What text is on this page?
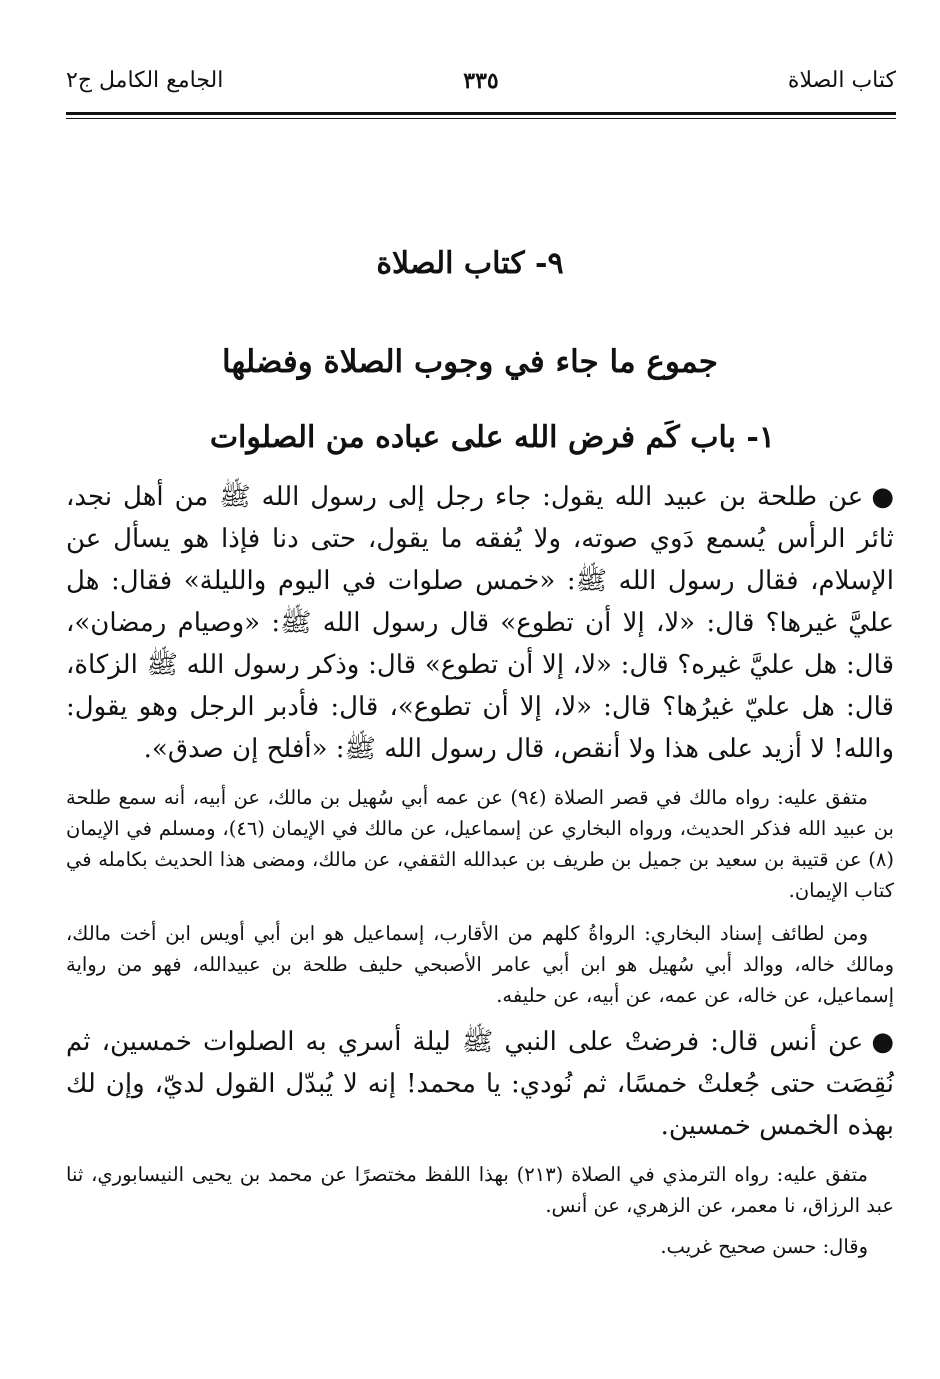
كتاب الصلاة
٣٣٥
الجامع الكامل ج٢
٩- كتاب الصلاة
جموع ما جاء في وجوب الصلاة وفضلها
١- باب كَم فرض الله على عباده من الصلوات

●عن طلحة بن عبيد الله يقول: جاء رجل إلى رسول الله ﷺ من أهل نجد، ثائر الرأس يُسمع دَوي صوته، ولا يُفقه ما يقول، حتى دنا فإذا هو يسأل عن الإسلام، فقال رسول الله ﷺ: «خمس صلوات في اليوم والليلة» فقال: هل عليَّ غيرها؟ قال: «لا، إلا أن تطوع» قال رسول الله ﷺ: «وصيام رمضان»، قال: هل عليَّ غيره؟ قال: «لا، إلا أن تطوع» قال: وذكر رسول الله ﷺ الزكاة، قال: هل عليّ غيرُها؟ قال: «لا، إلا أن تطوع»، قال: فأدبر الرجل وهو يقول: والله! لا أزيد على هذا ولا أنقص، قال رسول الله ﷺ: «أفلح إن صدق».

متفق عليه: رواه مالك في قصر الصلاة (٩٤) عن عمه أبي سُهيل بن مالك، عن أبيه، أنه سمع طلحة بن عبيد الله فذكر الحديث، ورواه البخاري عن إسماعيل، عن مالك في الإيمان (٤٦)، ومسلم في الإيمان (٨) عن قتيبة بن سعيد بن جميل بن طريف بن عبدالله الثقفي، عن مالك، ومضى هذا الحديث بكامله في كتاب الإيمان.

ومن لطائف إسناد البخاري: الرواةُ كلهم من الأقارب، إسماعيل هو ابن أبي أويس ابن أخت مالك، ومالك خاله، ووالد أبي سُهيل هو ابن أبي عامر الأصبحي حليف طلحة بن عبيدالله، فهو من رواية إسماعيل، عن خاله، عن عمه، عن أبيه، عن حليفه.

●عن أنس قال: فرضتْ على النبي ﷺ ليلة أسري به الصلوات خمسين، ثم نُقِصَت حتى جُعلتْ خمسًا، ثم نُودي: يا محمد! إنه لا يُبدّل القول لديّ، وإن لك بهذه الخمس خمسين.

متفق عليه: رواه الترمذي في الصلاة (٢١٣) بهذا اللفظ مختصرًا عن محمد بن يحيى النيسابوري، ثنا عبد الرزاق، نا معمر، عن الزهري، عن أنس.

وقال: حسن صحيح غريب.
